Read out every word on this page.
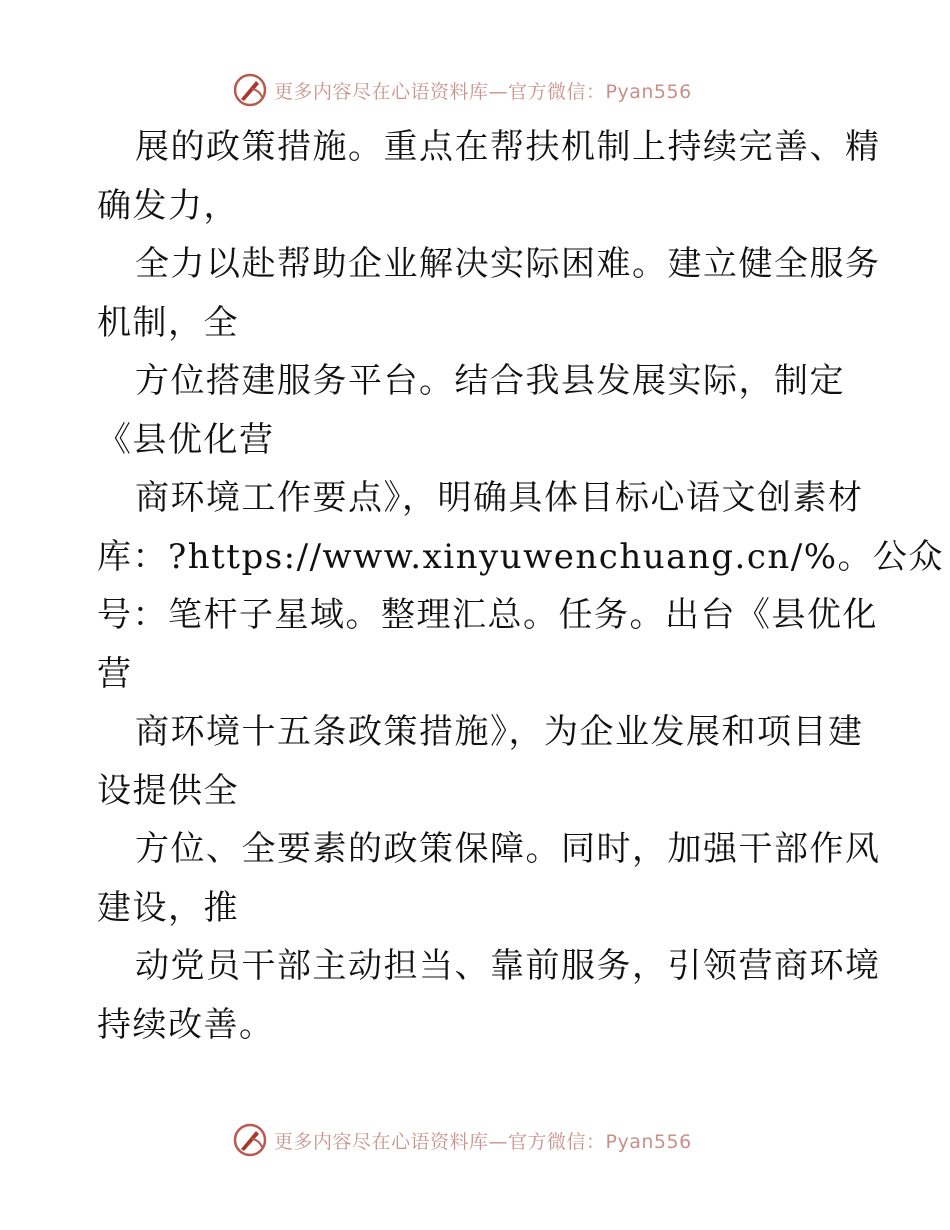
更多内容尽在心语资料库—官方微信：Pyan556
展的政策措施。重点在帮扶机制上持续完善、精
确发力，
全力以赴帮助企业解决实际困难。建立健全服务
机制，全
方位搭建服务平台。结合我县发展实际，制定
《县优化营
商环境工作要点》，明确具体目标心语文创素材
库：?https://www.xinyuwenchuang.cn/%。公众
号：笔杆子星域。整理汇总。任务。出台《县优化
营
商环境十五条政策措施》，为企业发展和项目建
设提供全
方位、全要素的政策保障。同时，加强干部作风
建设，推
动党员干部主动担当、靠前服务，引领营商环境
持续改善。
更多内容尽在心语资料库—官方微信：Pyan556
